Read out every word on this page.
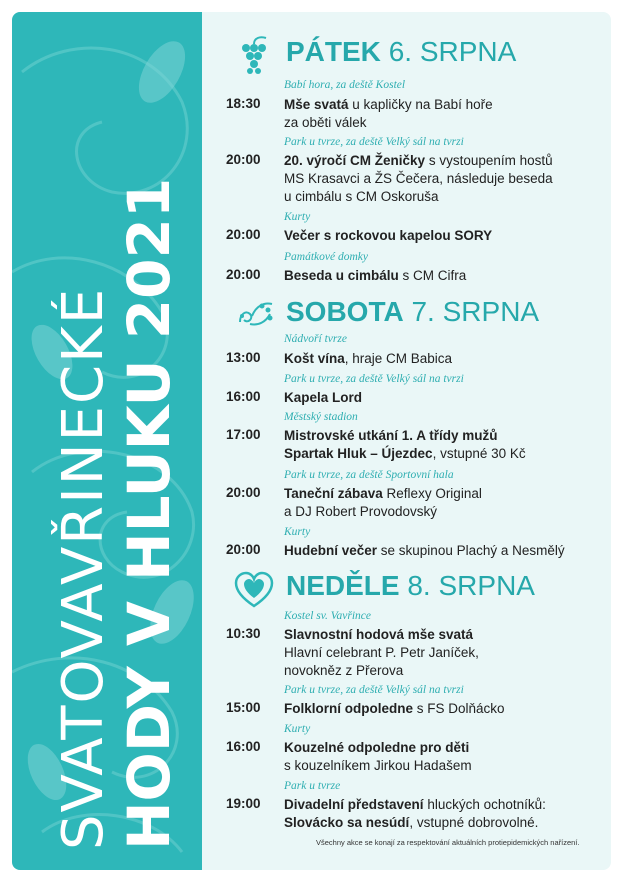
SVATOVAVŘINECKÉ HODY V HLUKU 2021
PÁTEK 6. SRPNA
Babí hora, za deště Kostel
18:30 Mše svatá u kapličky na Babí hoře
za oběti válek
Park u tvrze, za deště Velký sál na tvrzi
20:00 20. výročí CM Ženičky s vystoupením hostů
MS Krasavci a ŽS Čečera, následuje beseda
u cimbálu s CM Oskoruša
Kurty
20:00 Večer s rockovou kapelou SORY
Památkové domky
20:00 Beseda u cimbálu s CM Cifra
SOBOTA 7. SRPNA
Nádvoří tvrze
13:00 Košt vína, hraje CM Babica
Park u tvrze, za deště Velký sál na tvrzi
16:00 Kapela Lord
Městský stadion
17:00 Mistrovské utkání 1. A třídy mužů
Spartak Hluk – Újezdec, vstupné 30 Kč
Park u tvrze, za deště Sportovní hala
20:00 Taneční zábava Reflexy Original
a DJ Robert Provodovský
Kurty
20:00 Hudební večer se skupinou Plachý a Nesmělý
NEDĚLE 8. SRPNA
Kostel sv. Vavřince
10:30 Slavnostní hodová mše svatá
Hlavní celebrant P. Petr Janíček,
novokněz z Přerova
Park u tvrze, za deště Velký sál na tvrzi
15:00 Folklorní odpoledne s FS Dolňácko
Kurty
16:00 Kouzelné odpoledne pro děti
s kouzelníkem Jirkou Hadašem
Park u tvrze
19:00 Divadelní představení hluckých ochotníků:
Slovácko sa nesúdí, vstupné dobrovolné.
Všechny akce se konají za respektování aktuálních protiepidemických nařízení.
